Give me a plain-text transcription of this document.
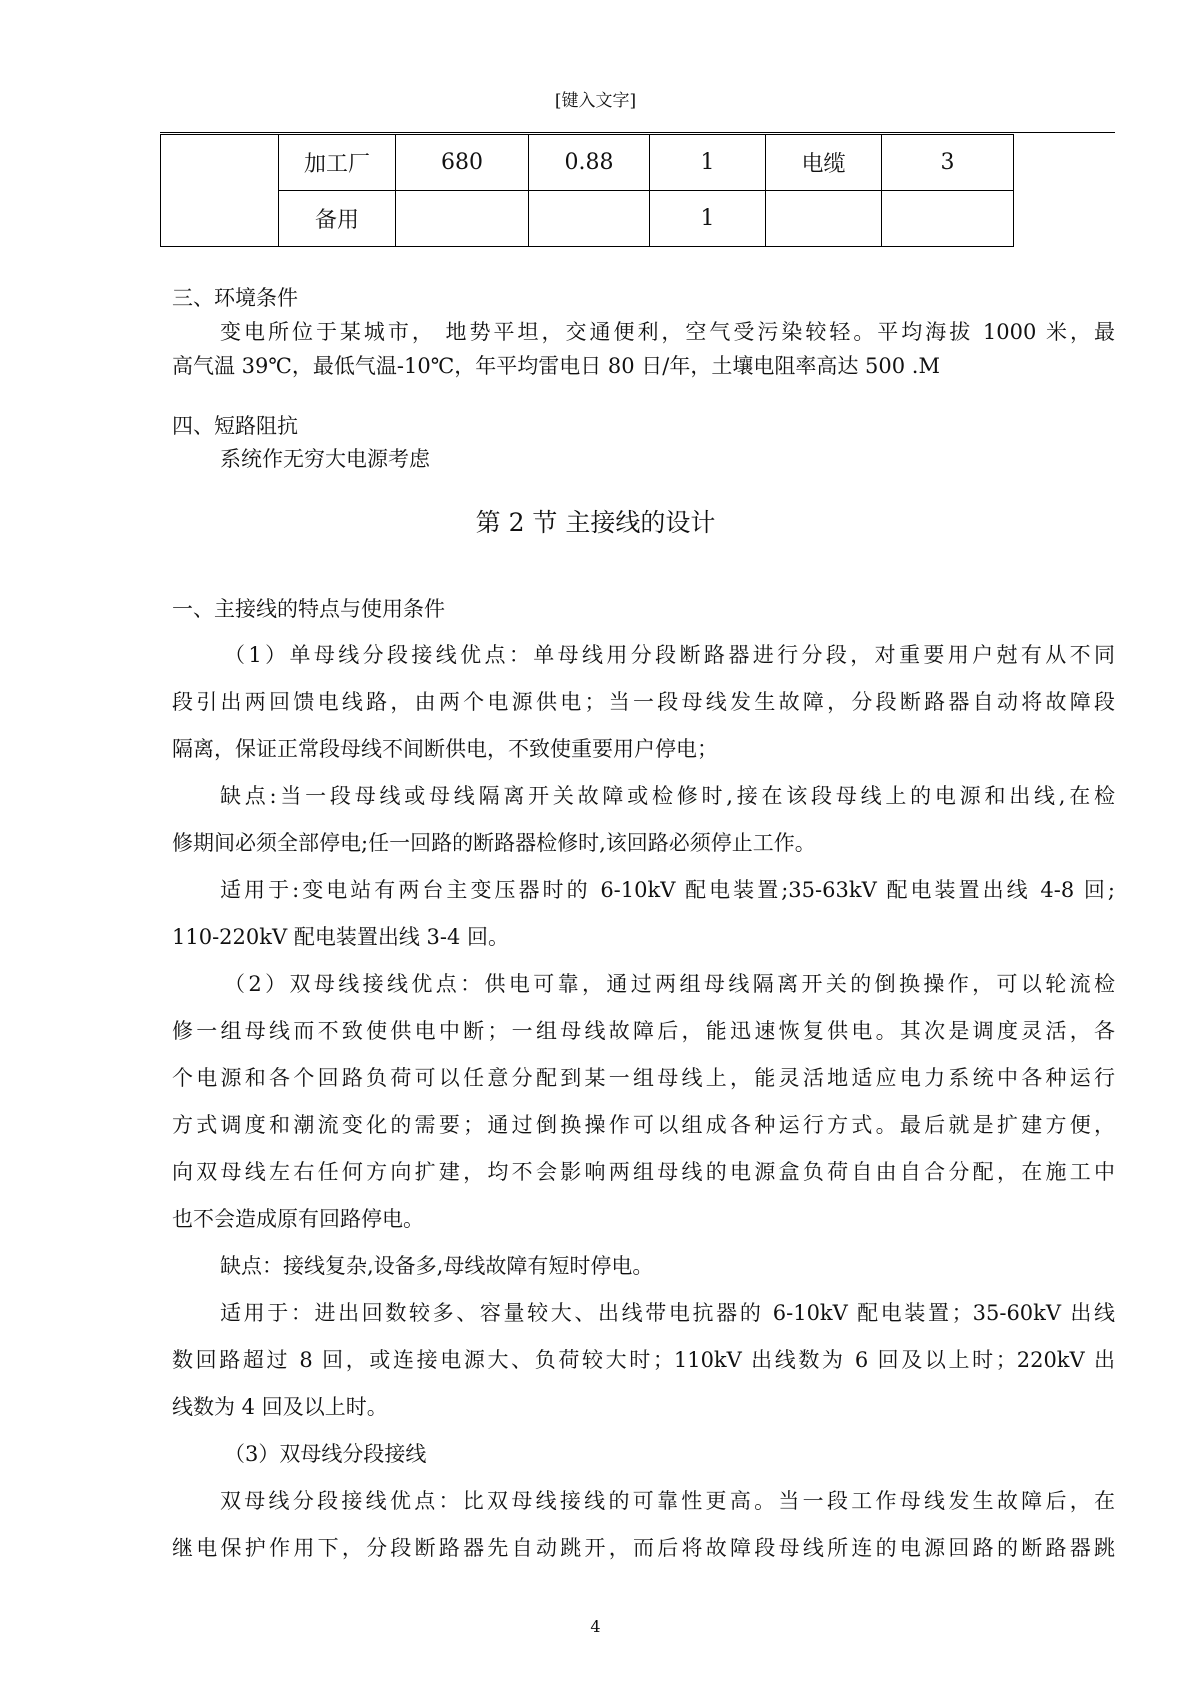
[键入文字]
	加工厂	680	0.88	1	电缆	3
	备用			1		
三、环境条件
变电所位于某城市， 地势平坦，交通便利，空气受污染较轻。平均海拔 1000 米，最
高气温 39℃，最低气温-10℃，年平均雷电日 80 日/年，土壤电阻率高达 500 .M
四、短路阻抗
系统作无穷大电源考虑
第 2 节 主接线的设计
一、主接线的特点与使用条件
（1）单母线分段接线优点：单母线用分段断路器进行分段，对重要用户尅有从不同
段引出两回馈电线路，由两个电源供电；当一段母线发生故障，分段断路器自动将故障段
隔离，保证正常段母线不间断供电，不致使重要用户停电；
缺点:当一段母线或母线隔离开关故障或检修时,接在该段母线上的电源和出线,在检
修期间必须全部停电;任一回路的断路器检修时,该回路必须停止工作。
适用于:变电站有两台主变压器时的 6-10kV 配电装置;35-63kV 配电装置出线 4-8 回;
110-220kV 配电装置出线 3-4 回。
（2）双母线接线优点：供电可靠，通过两组母线隔离开关的倒换操作，可以轮流检
修一组母线而不致使供电中断；一组母线故障后，能迅速恢复供电。其次是调度灵活，各
个电源和各个回路负荷可以任意分配到某一组母线上，能灵活地适应电力系统中各种运行
方式调度和潮流变化的需要；通过倒换操作可以组成各种运行方式。最后就是扩建方便，
向双母线左右任何方向扩建，均不会影响两组母线的电源盒负荷自由自合分配，在施工中
也不会造成原有回路停电。
缺点：接线复杂,设备多,母线故障有短时停电。
适用于：进出回数较多、容量较大、出线带电抗器的 6-10kV 配电装置；35-60kV 出线
数回路超过 8 回，或连接电源大、负荷较大时；110kV 出线数为 6 回及以上时；220kV 出
线数为 4 回及以上时。
（3）双母线分段接线
双母线分段接线优点：比双母线接线的可靠性更高。当一段工作母线发生故障后，在
继电保护作用下，分段断路器先自动跳开，而后将故障段母线所连的电源回路的断路器跳
4
